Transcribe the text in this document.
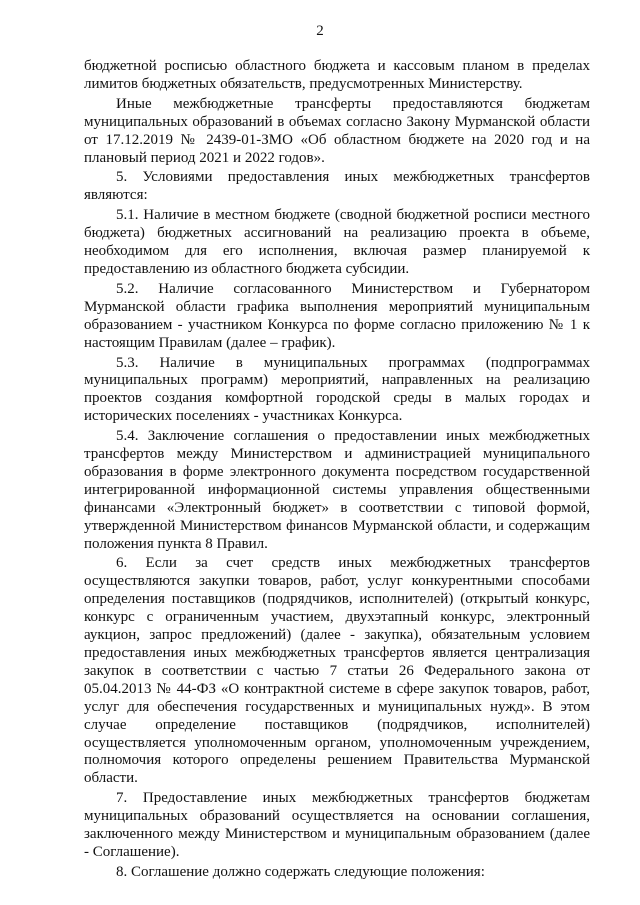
2

бюджетной росписью областного бюджета и кассовым планом в пределах лимитов бюджетных обязательств, предусмотренных Министерству.

Иные межбюджетные трансферты предоставляются бюджетам муниципальных образований в объемах согласно Закону Мурманской области от 17.12.2019 № 2439-01-ЗМО «Об областном бюджете на 2020 год и на плановый период 2021 и 2022 годов».

5. Условиями предоставления иных межбюджетных трансфертов являются:

5.1. Наличие в местном бюджете (сводной бюджетной росписи местного бюджета) бюджетных ассигнований на реализацию проекта в объеме, необходимом для его исполнения, включая размер планируемой к предоставлению из областного бюджета субсидии.

5.2. Наличие согласованного Министерством и Губернатором Мурманской области графика выполнения мероприятий муниципальным образованием - участником Конкурса по форме согласно приложению № 1 к настоящим Правилам (далее – график).

5.3. Наличие в муниципальных программах (подпрограммах муниципальных программ) мероприятий, направленных на реализацию проектов создания комфортной городской среды в малых городах и исторических поселениях - участниках Конкурса.

5.4. Заключение соглашения о предоставлении иных межбюджетных трансфертов между Министерством и администрацией муниципального образования в форме электронного документа посредством государственной интегрированной информационной системы управления общественными финансами «Электронный бюджет» в соответствии с типовой формой, утвержденной Министерством финансов Мурманской области, и содержащим положения пункта 8 Правил.

6. Если за счет средств иных межбюджетных трансфертов осуществляются закупки товаров, работ, услуг конкурентными способами определения поставщиков (подрядчиков, исполнителей) (открытый конкурс, конкурс с ограниченным участием, двухэтапный конкурс, электронный аукцион, запрос предложений) (далее - закупка), обязательным условием предоставления иных межбюджетных трансфертов является централизация закупок в соответствии с частью 7 статьи 26 Федерального закона от 05.04.2013 № 44-ФЗ «О контрактной системе в сфере закупок товаров, работ, услуг для обеспечения государственных и муниципальных нужд». В этом случае определение поставщиков (подрядчиков, исполнителей) осуществляется уполномоченным органом, уполномоченным учреждением, полномочия которого определены решением Правительства Мурманской области.

7. Предоставление иных межбюджетных трансфертов бюджетам муниципальных образований осуществляется на основании соглашения, заключенного между Министерством и муниципальным образованием (далее - Соглашение).

8. Соглашение должно содержать следующие положения:
